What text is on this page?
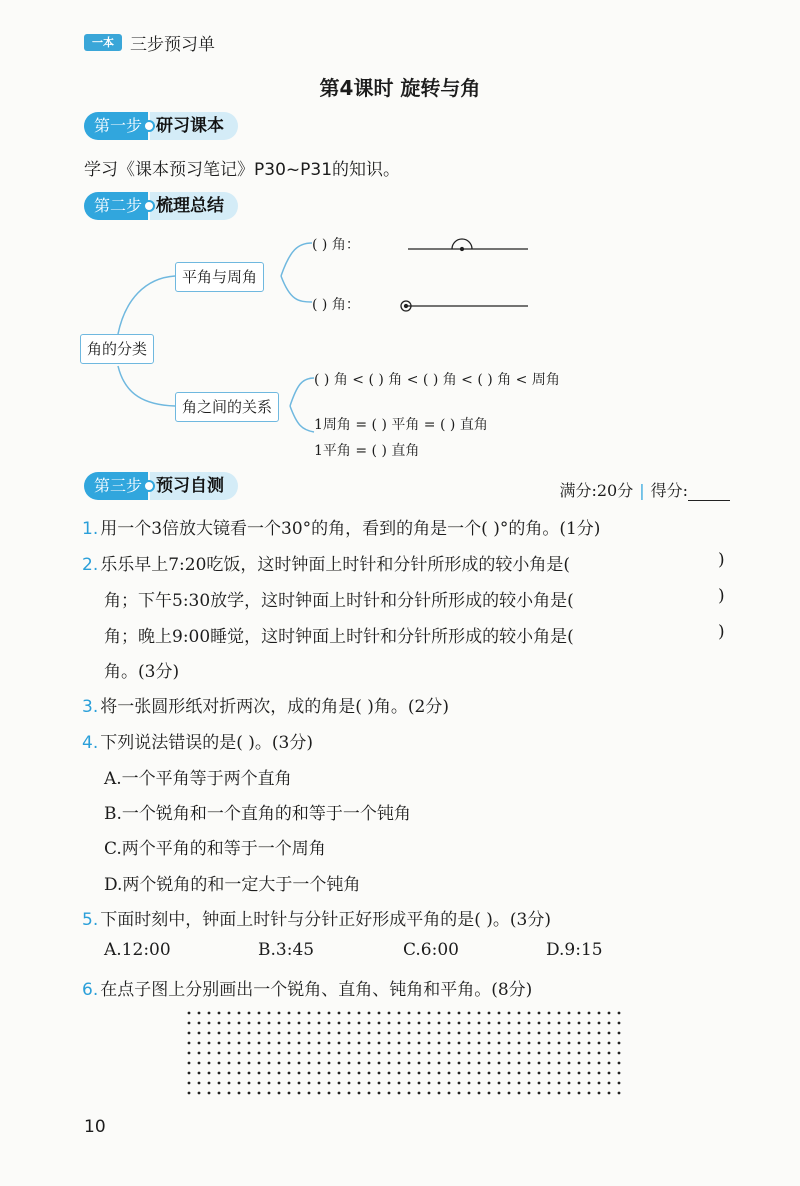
一本 三步预习单
第4课时 旋转与角
第一步 研习课本
学习《课本预习笔记》P30~P31的知识。
第二步 梳理总结
角的分类
平角与周角
角之间的关系
( ) 角：
( ) 角：
( ) 角 < ( ) 角 < ( ) 角 < ( ) 角 < 周角
1周角 = ( ) 平角 = ( ) 直角
1平角 = ( ) 直角
第三步 预习自测	满分:20分 | 得分:
1. 用一个3倍放大镜看一个30°的角，看到的角是一个( )°的角。(1分)
2. 乐乐早上7:20吃饭，这时钟面上时针和分针所形成的较小角是(	)
角；下午5:30放学，这时钟面上时针和分针所形成的较小角是(	)
角；晚上9:00睡觉，这时钟面上时针和分针所形成的较小角是(	)
角。(3分)
3. 将一张圆形纸对折两次，成的角是( )角。(2分)
4. 下列说法错误的是( )。(3分)
A.一个平角等于两个直角
B.一个锐角和一个直角的和等于一个钝角
C.两个平角的和等于一个周角
D.两个锐角的和一定大于一个钝角
5. 下面时刻中，钟面上时针与分针正好形成平角的是( )。(3分)
A.12:00	B.3:45	C.6:00	D.9:15
6. 在点子图上分别画出一个锐角、直角、钝角和平角。(8分)
10
